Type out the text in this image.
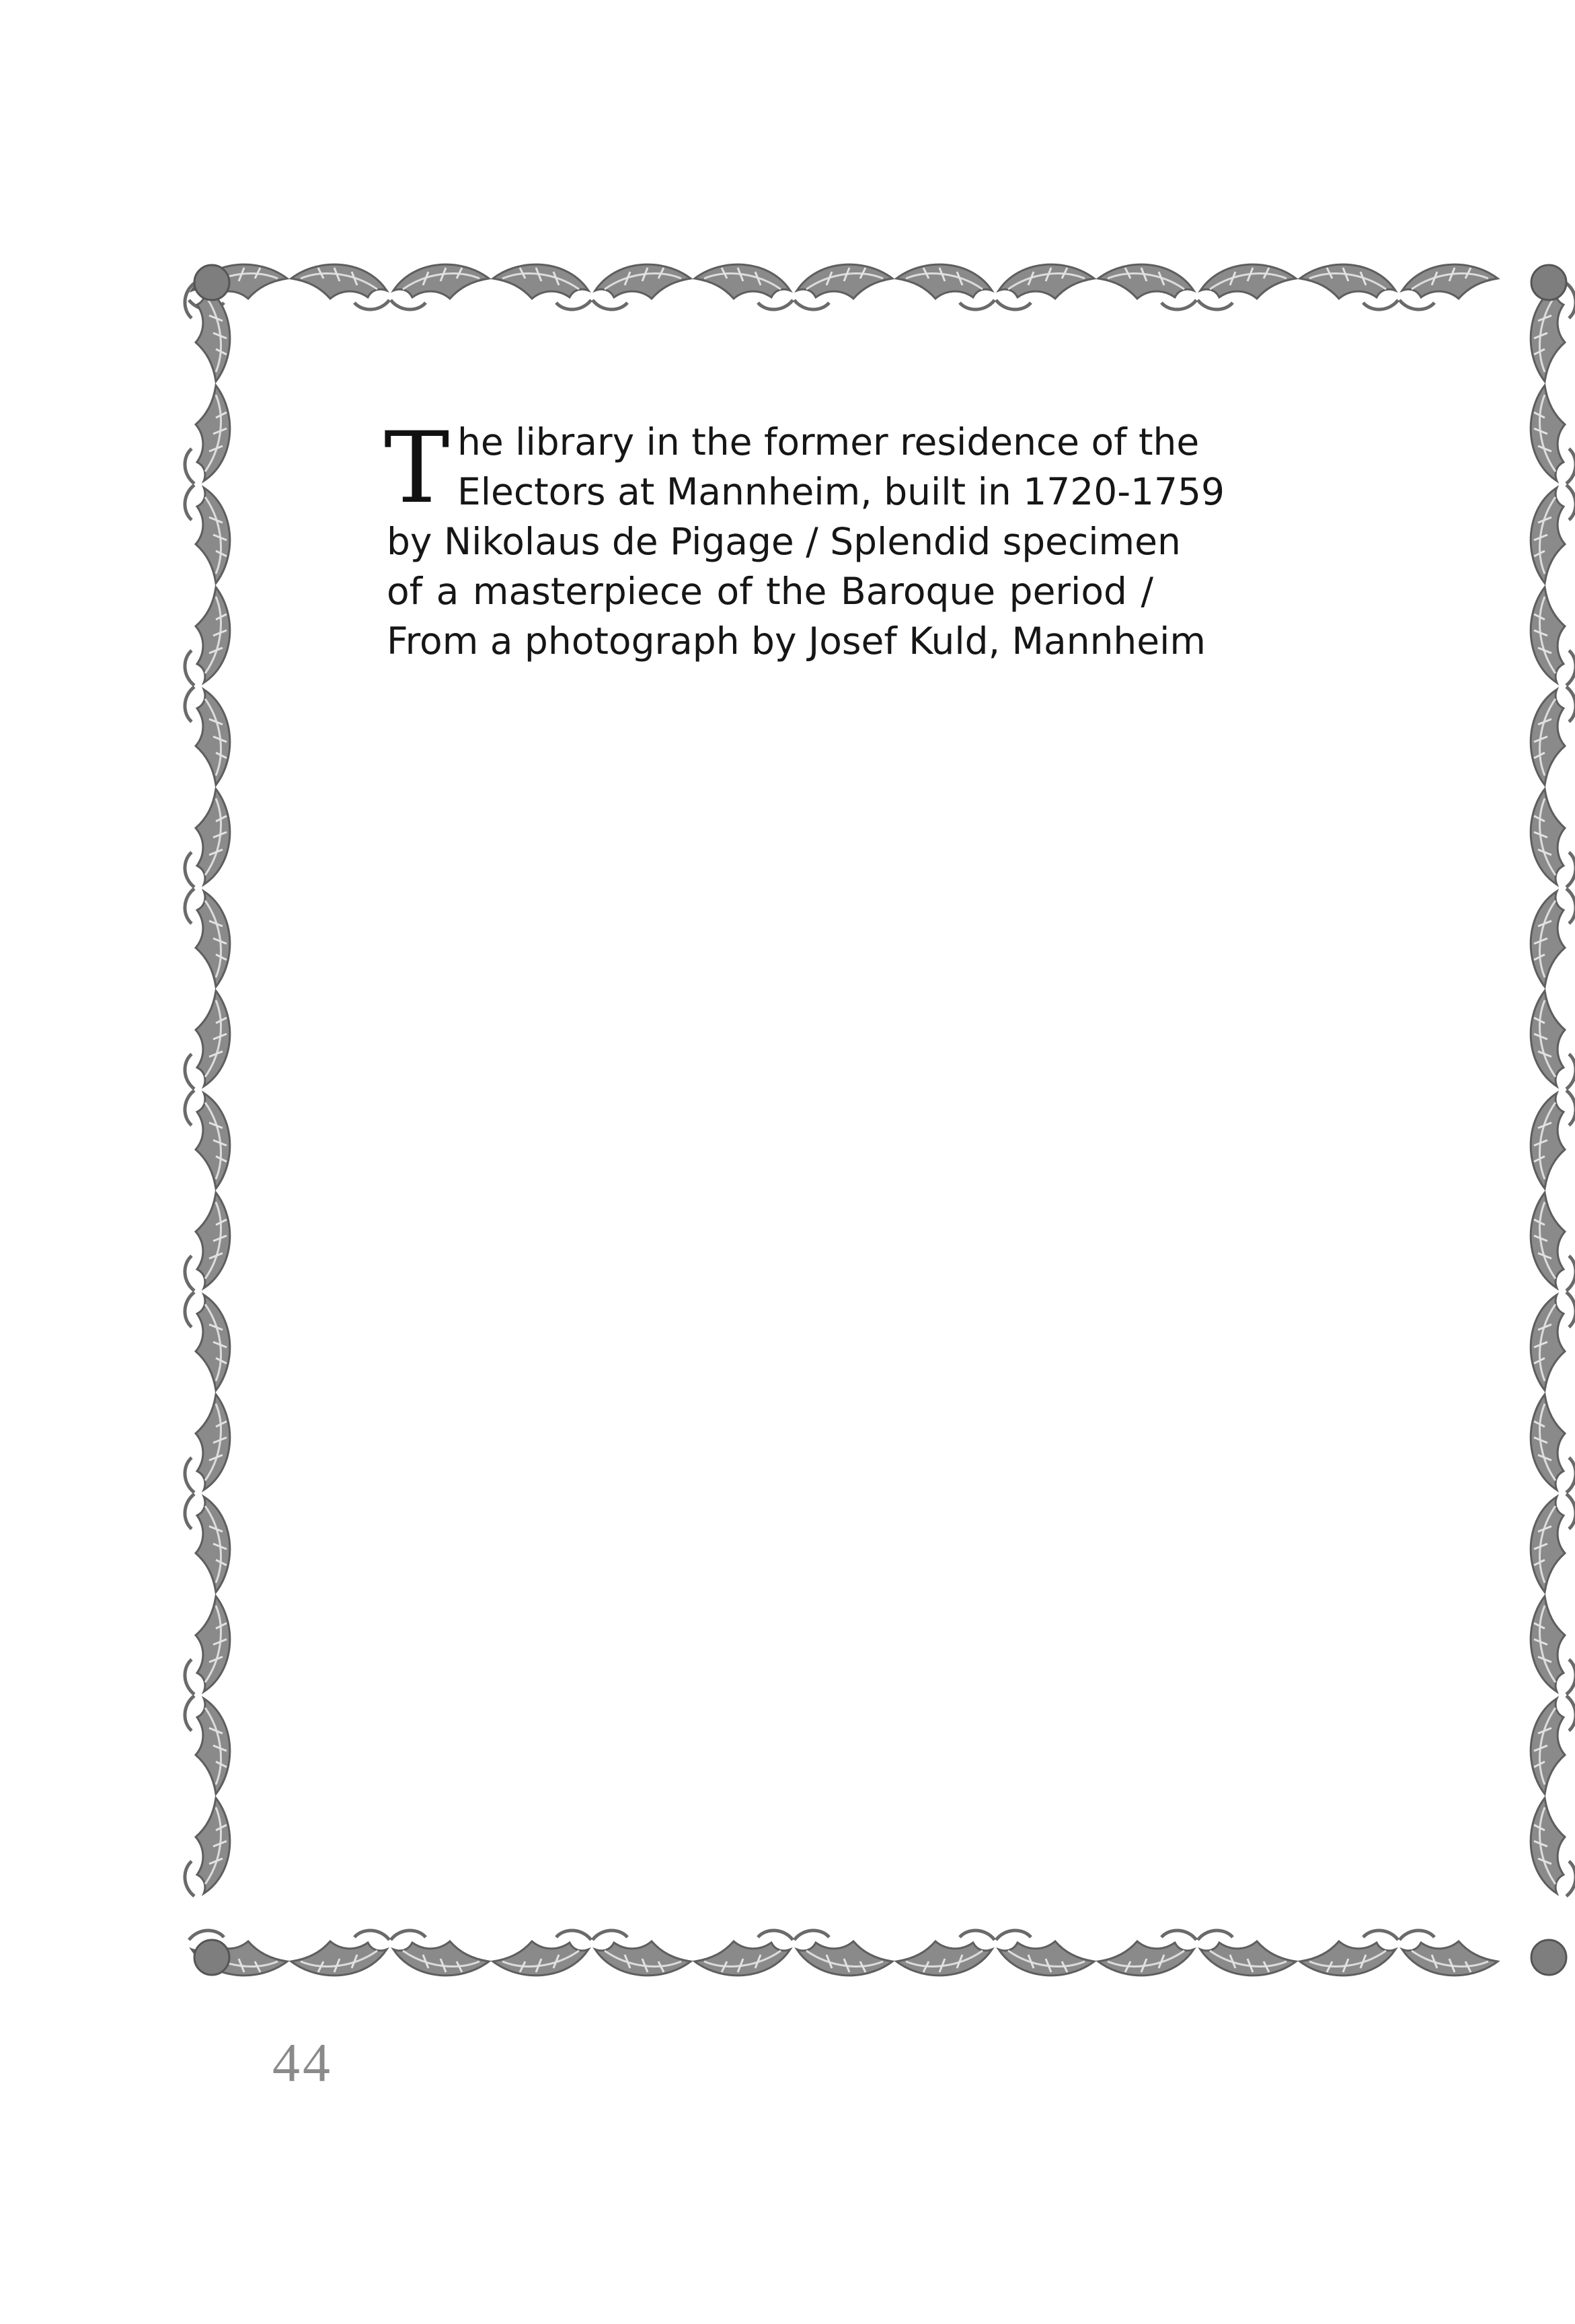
T he library in the former residence of the
Electors at Mannheim, built in 1720-1759
by Nikolaus de Pigage / Splendid specimen
of a masterpiece of the Baroque period /
From a photograph by Josef Kuld, Mannheim
44
